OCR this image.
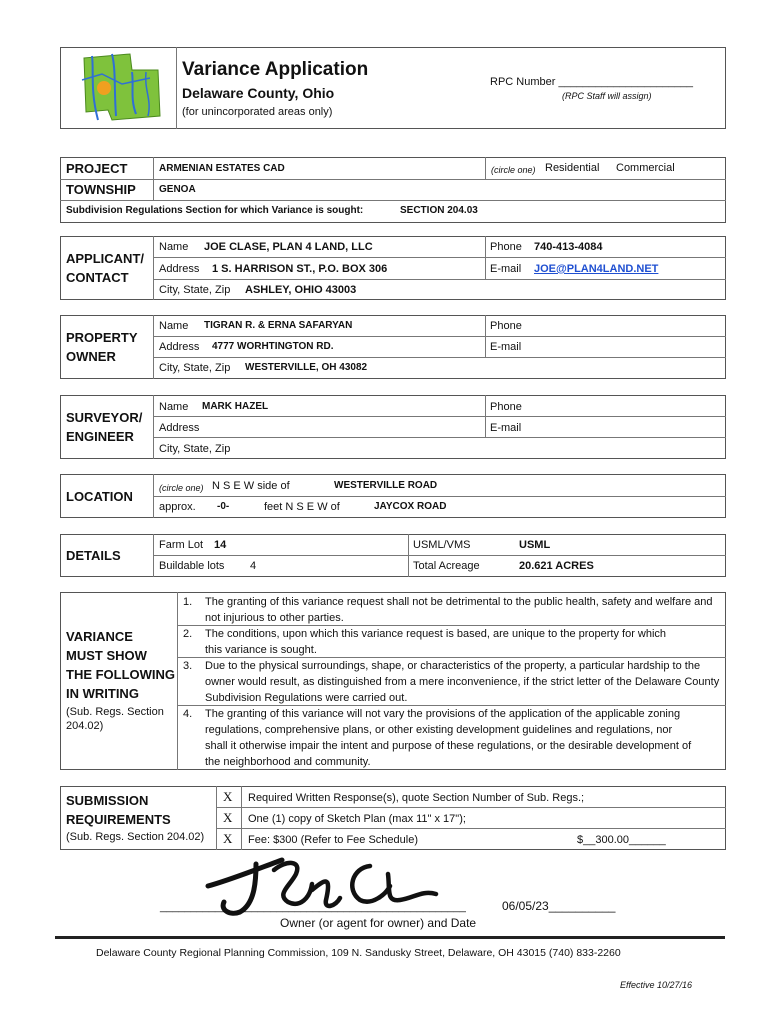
Variance Application
Delaware County, Ohio
(for unincorporated areas only)
RPC Number ______________________
(RPC Staff will assign)
PROJECT	ARMENIAN ESTATES CAD	(circle one) Residential Commercial
TOWNSHIP GENOA
Subdivision Regulations Section for which Variance is sought:	SECTION 204.03
APPLICANT/
CONTACT
Name JOE CLASE, PLAN 4 LAND, LLC	Phone 740-413-4084
Address 1 S. HARRISON ST., P.O. BOX 306	E-mail JOE@PLAN4LAND.NET
City, State, Zip ASHLEY, OHIO 43003
PROPERTY
OWNER
Name TIGRAN R. & ERNA SAFARYAN	Phone
Address 4777 WORHTINGTON RD.	E-mail
City, State, Zip WESTERVILLE, OH 43082
SURVEYOR/
ENGINEER
Name MARK HAZEL	Phone
Address	E-mail
City, State, Zip
LOCATION
(circle one) N S E W side of	WESTERVILLE ROAD
approx. -0-	feet N S E W of	JAYCOX ROAD
DETAILS
Farm Lot 14	USML/VMS	USML
Buildable lots 4	Total Acreage	20.621 ACRES
VARIANCE
MUST SHOW
THE FOLLOWING
IN WRITING
(Sub. Regs. Section
204.02)
1. The granting of this variance request shall not be detrimental to the public health, safety and welfare and not injurious to other parties.
2. The conditions, upon which this variance request is based, are unique to the property for which this variance is sought.
3. Due to the physical surroundings, shape, or characteristics of the property, a particular hardship to the owner would result, as distinguished from a mere inconvenience, if the strict letter of the Delaware County Subdivision Regulations were carried out.
4. The granting of this variance will not vary the provisions of the application of the applicable zoning regulations, comprehensive plans, or other existing development guidelines and regulations, nor shall it otherwise impair the intent and purpose of these regulations, or the desirable development of the neighborhood and community.
SUBMISSION
REQUIREMENTS
(Sub. Regs. Section 204.02)
X Required Written Response(s), quote Section Number of Sub. Regs.;
X One (1) copy of Sketch Plan (max 11" x 17");
X Fee: $300 (Refer to Fee Schedule)	$__300.00______
__________________________________________________	06/05/23__________
Owner (or agent for owner) and Date
Delaware County Regional Planning Commission, 109 N. Sandusky Street, Delaware, OH 43015 (740) 833-2260
Effective 10/27/16
